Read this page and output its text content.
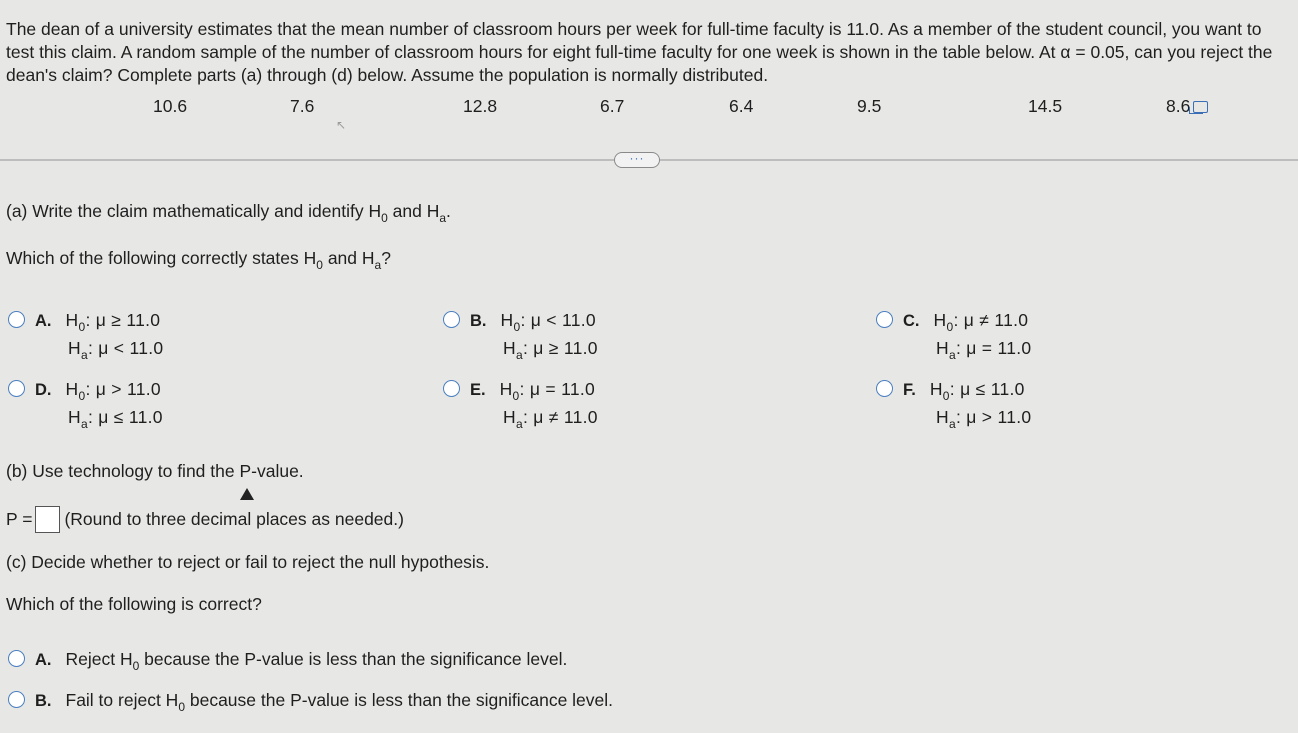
The dean of a university estimates that the mean number of classroom hours per week for full-time faculty is 11.0. As a member of the student council, you want to test this claim. A random sample of the number of classroom hours for eight full-time faculty for one week is shown in the table below. At α = 0.05, can you reject the dean's claim? Complete parts (a) through (d) below. Assume the population is normally distributed.
10.6	7.6	12.8	6.7	6.4	9.5	14.5	8.6
↖
···
(a) Write the claim mathematically and identify $H_0$ and $H_a$.
Which of the following correctly states $H_0$ and $H_a$?
A. $H_0$: μ ≥ 11.0
$H_a$: μ < 11.0
B. $H_0$: μ < 11.0
$H_a$: μ ≥ 11.0
C. $H_0$: μ ≠ 11.0
$H_a$: μ = 11.0
D. $H_0$: μ > 11.0
$H_a$: μ ≤ 11.0
E. $H_0$: μ = 11.0
$H_a$: μ ≠ 11.0
F. $H_0$: μ ≤ 11.0
$H_a$: μ > 11.0
(b) Use technology to find the P-value.
P = (Round to three decimal places as needed.)
(c) Decide whether to reject or fail to reject the null hypothesis.
Which of the following is correct?
A. Reject $H_0$ because the P-value is less than the significance level.
B. Fail to reject $H_0$ because the P-value is less than the significance level.
